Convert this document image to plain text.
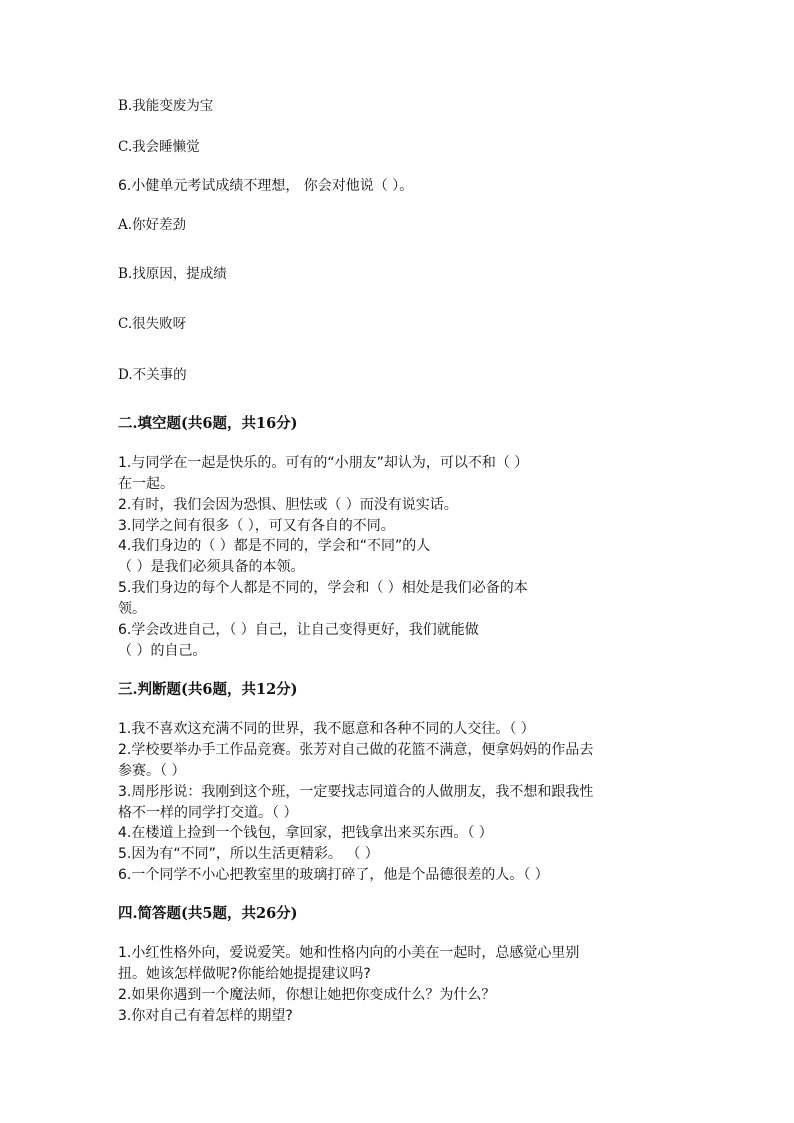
B.我能变废为宝
C.我会睡懒觉
6.小健单元考试成绩不理想， 你会对他说（ ）。
A.你好差劲
B.找原因，提成绩
C.很失败呀
D.不关事的
二.填空题(共6题，共16分)
1.与同学在一起是快乐的。可有的“小朋友”却认为，可以不和（ ）
在一起。
2.有时，我们会因为恐惧、胆怯或（ ）而没有说实话。
3.同学之间有很多（ ），可又有各自的不同。
4.我们身边的（ ）都是不同的，学会和“不同”的人
（ ）是我们必须具备的本领。
5.我们身边的每个人都是不同的，学会和（ ）相处是我们必备的本
领。
6.学会改进自己，（ ）自己，让自己变得更好，我们就能做
（ ）的自己。
三.判断题(共6题，共12分)
1.我不喜欢这充满不同的世界，我不愿意和各种不同的人交往。（ ）
2.学校要举办手工作品竞赛。张芳对自己做的花篮不满意，便拿妈妈的作品去
参赛。（ ）
3.周彤彤说：我刚到这个班，一定要找志同道合的人做朋友，我不想和跟我性
格不一样的同学打交道。（ ）
4.在楼道上捡到一个钱包，拿回家，把钱拿出来买东西。（ ）
5.因为有“不同”，所以生活更精彩。 （ ）
6.一个同学不小心把教室里的玻璃打碎了，他是个品德很差的人。（ ）
四.简答题(共5题，共26分)
1.小红性格外向，爱说爱笑。她和性格内向的小美在一起时，总感觉心里别
扭。她该怎样做呢?你能给她提提建议吗?
2.如果你遇到一个魔法师，你想让她把你变成什么？为什么？
3.你对自己有着怎样的期望?
